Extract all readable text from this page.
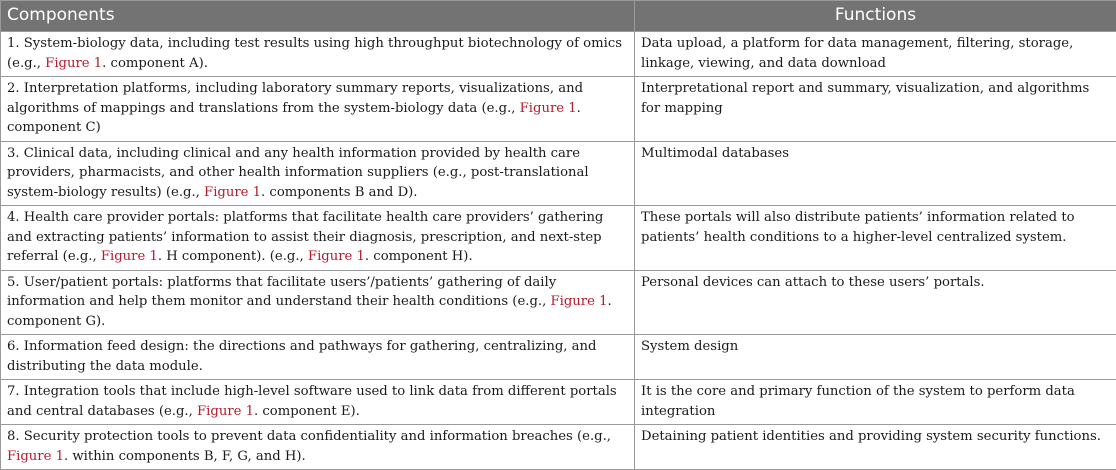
Components	Functions
1. System-biology data, including test results using high throughput biotechnology of omics (e.g., Figure 1. component A).	Data upload, a platform for data management, filtering, storage, linkage, viewing, and data download
2. Interpretation platforms, including laboratory summary reports, visualizations, and algorithms of mappings and translations from the system-biology data (e.g., Figure 1. component C)	Interpretational report and summary, visualization, and algorithms for mapping
3. Clinical data, including clinical and any health information provided by health care providers, pharmacists, and other health information suppliers (e.g., post-translational system-biology results) (e.g., Figure 1. components B and D).	Multimodal databases
4. Health care provider portals: platforms that facilitate health care providers’ gathering and extracting patients’ information to assist their diagnosis, prescription, and next-step referral (e.g., Figure 1. H component). (e.g., Figure 1. component H).	These portals will also distribute patients’ information related to patients’ health conditions to a higher-level centralized system.
5. User/patient portals: platforms that facilitate users’/patients’ gathering of daily information and help them monitor and understand their health conditions (e.g., Figure 1. component G).	Personal devices can attach to these users’ portals.
6. Information feed design: the directions and pathways for gathering, centralizing, and distributing the data module.	System design
7. Integration tools that include high-level software used to link data from different portals and central databases (e.g., Figure 1. component E).	It is the core and primary function of the system to perform data integration
8. Security protection tools to prevent data confidentiality and information breaches (e.g., Figure 1. within components B, F, G, and H).	Detaining patient identities and providing system security functions.
